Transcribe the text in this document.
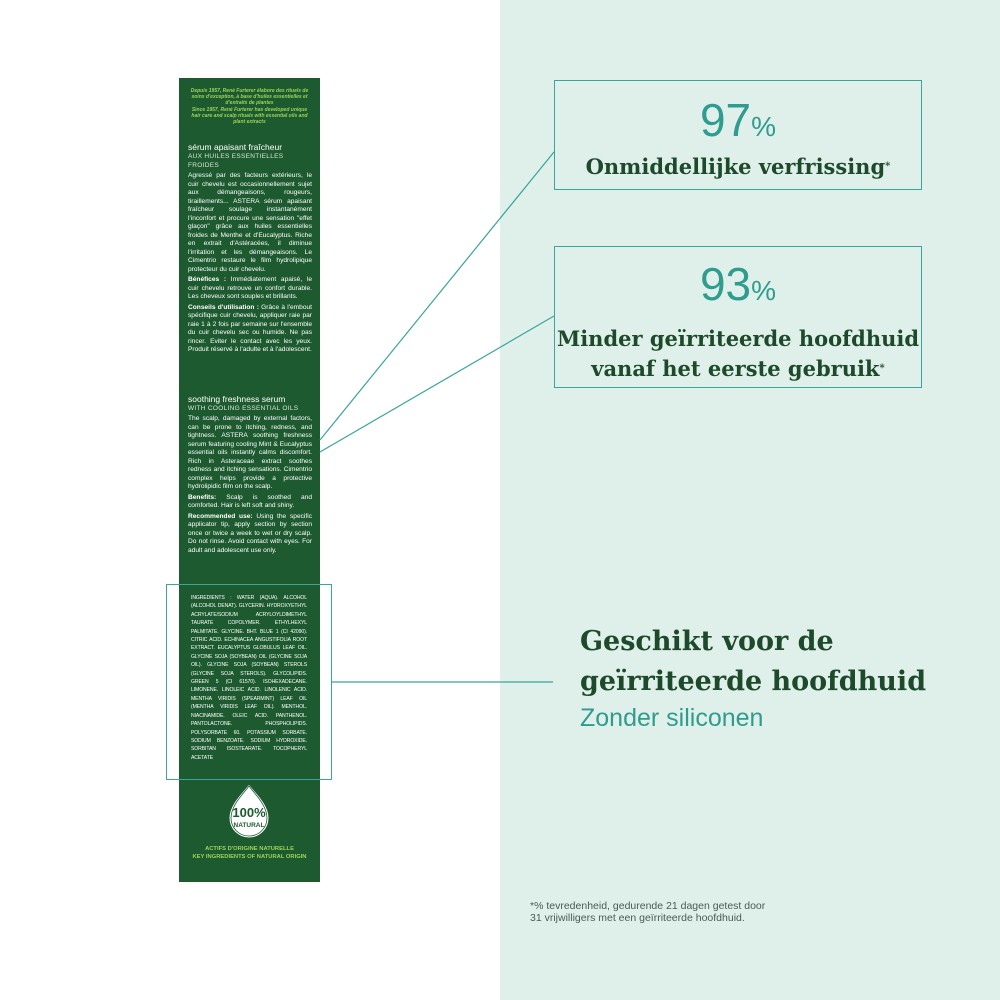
Depuis 1957, René Furterer élabore des rituels de soins d'exception, à base d'huiles essentielles et d'extraits de plantes
Since 1957, René Furterer has developed unique hair care and scalp rituals with essential oils and plant extracts
sérum apaisant fraîcheur
AUX HUILES ESSENTIELLES FROIDES
Agressé par des facteurs extérieurs, le cuir chevelu est occasionnellement sujet aux démangeaisons, rougeurs, tiraillements... ASTERA sérum apaisant fraîcheur soulage instantanément l'inconfort et procure une sensation "effet glaçon" grâce aux huiles essentielles froides de Menthe et d'Eucalyptus. Riche en extrait d'Astéracées, il diminue l'irritation et les démangeaisons. Le Cimentrio restaure le film hydrolipique protecteur du cuir chevelu.
Bénéfices : Immédiatement apaisé, le cuir chevelu retrouve un confort durable. Les cheveux sont souples et brillants.
Conseils d'utilisation : Grâce à l'embout spécifique cuir chevelu, appliquer raie par raie 1 à 2 fois par semaine sur l'ensemble du cuir chevelu sec ou humide. Ne pas rincer. Eviter le contact avec les yeux. Produit réservé à l'adulte et à l'adolescent.
soothing freshness serum
WITH COOLING ESSENTIAL OILS
The scalp, damaged by external factors, can be prone to itching, redness, and tightness. ASTERA soothing freshness serum featuring cooling Mint & Eucalyptus essential oils instantly calms discomfort. Rich in Asteraceae extract soothes redness and itching sensations. Cimentrio complex helps provide a protective hydrolipidic film on the scalp.
Benefits: Scalp is soothed and comforted. Hair is left soft and shiny.
Recommended use: Using the specific applicator tip, apply section by section once or twice a week to wet or dry scalp. Do not rinse. Avoid contact with eyes. For adult and adolescent use only.
INGREDIENTS : WATER (AQUA). ALCOHOL (ALCOHOL DENAT). GLYCERIN. HYDROXYETHYL ACRYLATE/SODIUM ACRYLOYLDIMETHYL TAURATE COPOLYMER. ETHYLHEXYL PALMITATE. GLYCINE. BHT. BLUE 1 (CI 42090). CITRIC ACID. ECHINACEA ANGUSTIFOLIA ROOT EXTRACT. EUCALYPTUS GLOBULUS LEAF OIL. GLYCINE SOJA (SOYBEAN) OIL (GLYCINE SOJA OIL). GLYCINE SOJA (SOYBEAN) STEROLS (GLYCINE SOJA STEROLS). GLYCOLIPIDS. GREEN 5 (CI 61570). ISOHEXADECANE. LIMONENE. LINOLEIC ACID. LINOLENIC ACID. MENTHA VIRIDIS (SPEARMINT) LEAF OIL (MENTHA VIRIDIS LEAF OIL). MENTHOL. NIACINAMIDE. OLEIC ACID. PANTHENOL. PANTOLACTONE. PHOSPHOLIPIDS. POLYSORBATE 60. POTASSIUM SORBATE. SODIUM BENZOATE. SODIUM HYDROXIDE. SORBITAN ISOSTEARATE. TOCOPHERYL ACETATE
100%
NATURAL
ACTIFS D'ORIGINE NATURELLE
KEY INGREDIENTS OF NATURAL ORIGIN
97%
Onmiddellijke verfrissing*
93%
Minder geïrriteerde hoofdhuid
vanaf het eerste gebruik*
Geschikt voor de
geïrriteerde hoofdhuid
Zonder siliconen
*% tevredenheid, gedurende 21 dagen getest door
31 vrijwilligers met een geïrriteerde hoofdhuid.
